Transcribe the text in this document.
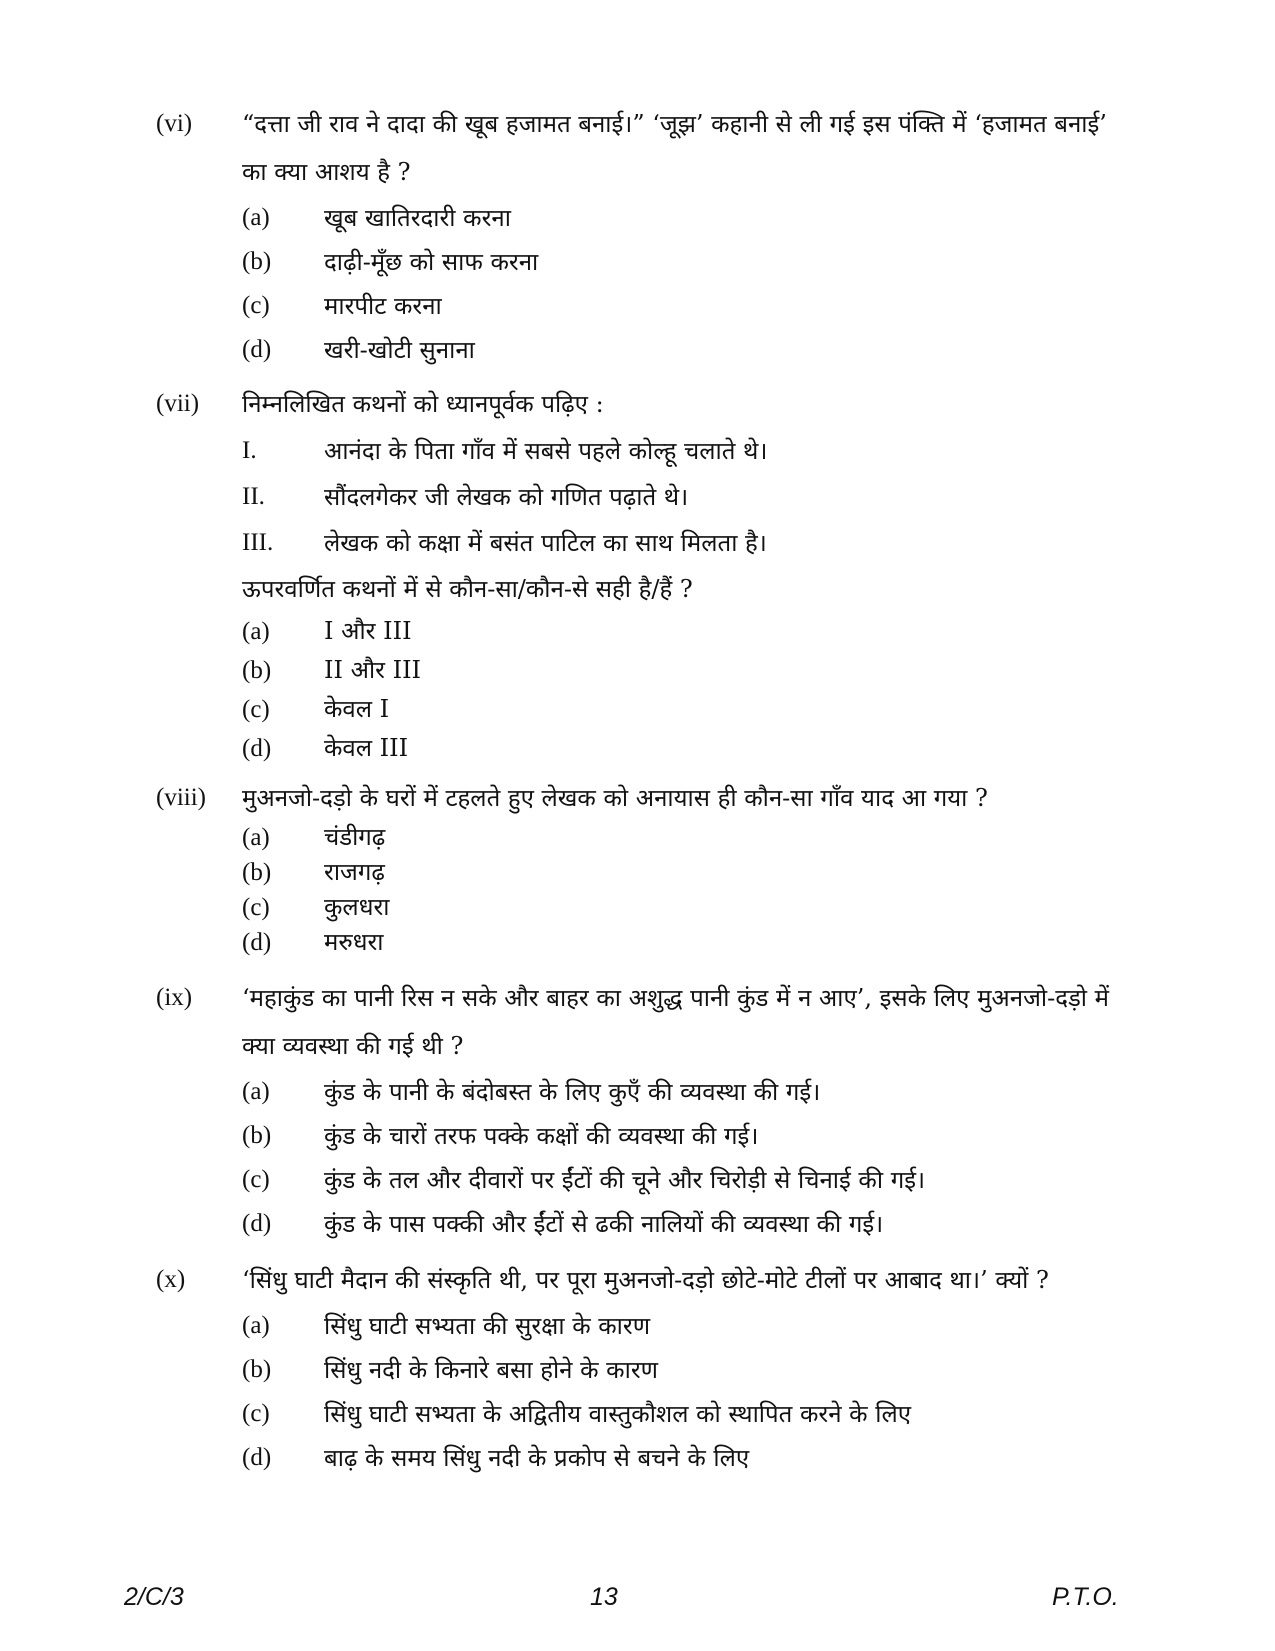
(vi)	“दत्ता जी राव ने दादा की खूब हजामत बनाई।” ‘जूझ’ कहानी से ली गई इस पंक्ति में ‘हजामत बनाई’ का क्या आशय है ?
(a)	खूब खातिरदारी करना
(b)	दाढ़ी-मूँछ को साफ करना
(c)	मारपीट करना
(d)	खरी-खोटी सुनाना
(vii)	निम्नलिखित कथनों को ध्यानपूर्वक पढ़िए :
I.	आनंदा के पिता गाँव में सबसे पहले कोल्हू चलाते थे।
II.	सौंदलगेकर जी लेखक को गणित पढ़ाते थे।
III.	लेखक को कक्षा में बसंत पाटिल का साथ मिलता है।
ऊपरवर्णित कथनों में से कौन-सा/कौन-से सही है/हैं ?
(a)	I और III
(b)	II और III
(c)	केवल I
(d)	केवल III
(viii)	मुअनजो-दड़ो के घरों में टहलते हुए लेखक को अनायास ही कौन-सा गाँव याद आ गया ?
(a)	चंडीगढ़
(b)	राजगढ़
(c)	कुलधरा
(d)	मरुधरा
(ix)	‘महाकुंड का पानी रिस न सके और बाहर का अशुद्ध पानी कुंड में न आए’, इसके लिए मुअनजो-दड़ो में क्या व्यवस्था की गई थी ?
(a)	कुंड के पानी के बंदोबस्त के लिए कुएँ की व्यवस्था की गई।
(b)	कुंड के चारों तरफ पक्के कक्षों की व्यवस्था की गई।
(c)	कुंड के तल और दीवारों पर ईंटों की चूने और चिरोड़ी से चिनाई की गई।
(d)	कुंड के पास पक्की और ईंटों से ढकी नालियों की व्यवस्था की गई।
(x)	‘सिंधु घाटी मैदान की संस्कृति थी, पर पूरा मुअनजो-दड़ो छोटे-मोटे टीलों पर आबाद था।’ क्यों ?
(a)	सिंधु घाटी सभ्यता की सुरक्षा के कारण
(b)	सिंधु नदी के किनारे बसा होने के कारण
(c)	सिंधु घाटी सभ्यता के अद्वितीय वास्तुकौशल को स्थापित करने के लिए
(d)	बाढ़ के समय सिंधु नदी के प्रकोप से बचने के लिए
2/C/3	13	P.T.O.
